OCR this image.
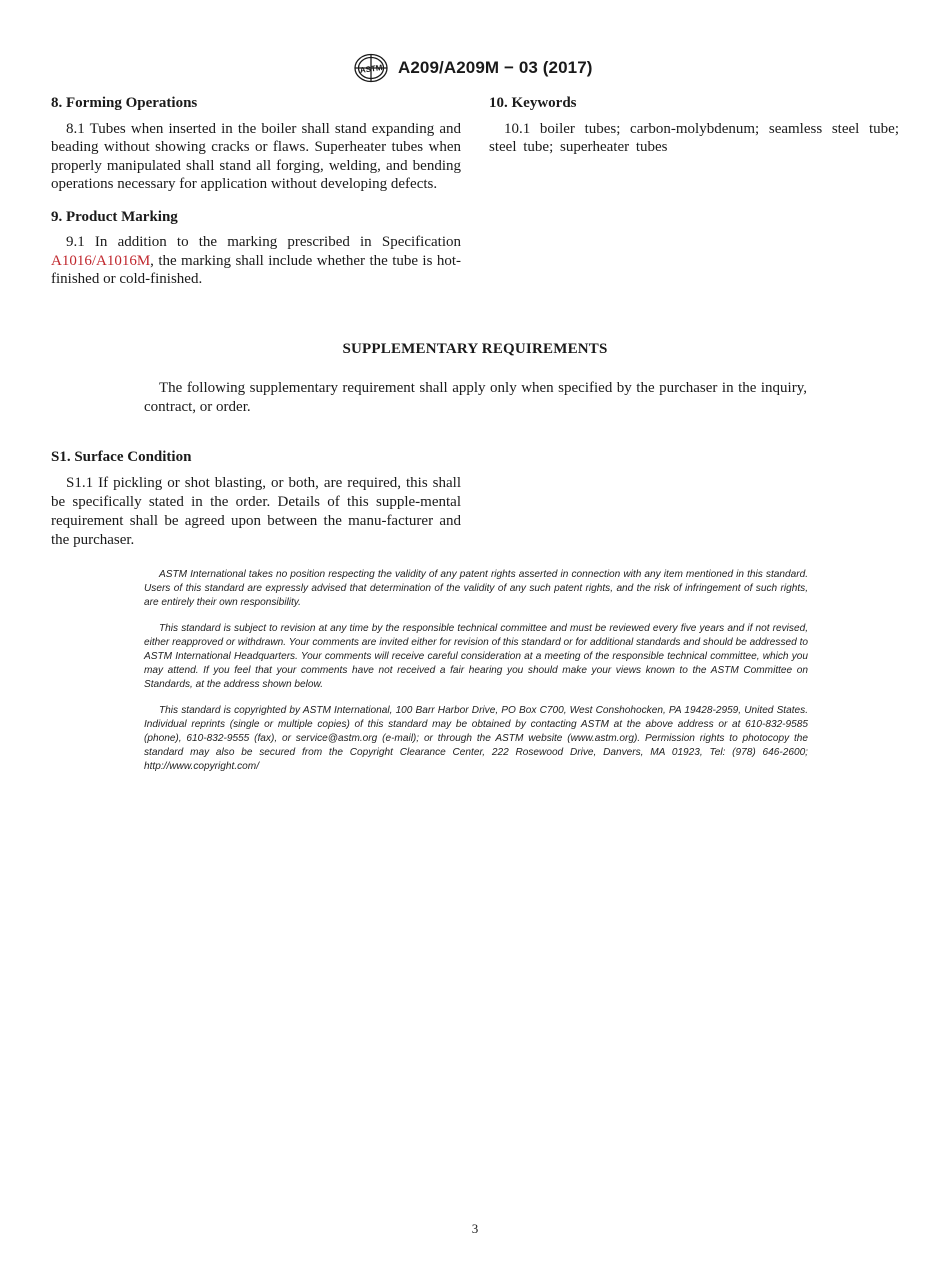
ASTM A209/A209M − 03 (2017)
8. Forming Operations

8.1 Tubes when inserted in the boiler shall stand expanding and beading without showing cracks or flaws. Superheater tubes when properly manipulated shall stand all forging, welding, and bending operations necessary for application without developing defects.

9. Product Marking

9.1 In addition to the marking prescribed in Specification A1016/A1016M, the marking shall include whether the tube is hot-finished or cold-finished.

10. Keywords

10.1 boiler tubes; carbon-molybdenum; seamless steel tube; steel tube; superheater tubes

SUPPLEMENTARY REQUIREMENTS

The following supplementary requirement shall apply only when specified by the purchaser in the inquiry, contract, or order.

S1. Surface Condition

S1.1 If pickling or shot blasting, or both, are required, this shall be specifically stated in the order. Details of this supple-mental requirement shall be agreed upon between the manu-facturer and the purchaser.

ASTM International takes no position respecting the validity of any patent rights asserted in connection with any item mentioned in this standard. Users of this standard are expressly advised that determination of the validity of any such patent rights, and the risk of infringement of such rights, are entirely their own responsibility.

This standard is subject to revision at any time by the responsible technical committee and must be reviewed every five years and if not revised, either reapproved or withdrawn. Your comments are invited either for revision of this standard or for additional standards and should be addressed to ASTM International Headquarters. Your comments will receive careful consideration at a meeting of the responsible technical committee, which you may attend. If you feel that your comments have not received a fair hearing you should make your views known to the ASTM Committee on Standards, at the address shown below.

This standard is copyrighted by ASTM International, 100 Barr Harbor Drive, PO Box C700, West Conshohocken, PA 19428-2959, United States. Individual reprints (single or multiple copies) of this standard may be obtained by contacting ASTM at the above address or at 610-832-9585 (phone), 610-832-9555 (fax), or service@astm.org (e-mail); or through the ASTM website (www.astm.org). Permission rights to photocopy the standard may also be secured from the Copyright Clearance Center, 222 Rosewood Drive, Danvers, MA 01923, Tel: (978) 646-2600; http://www.copyright.com/

3
